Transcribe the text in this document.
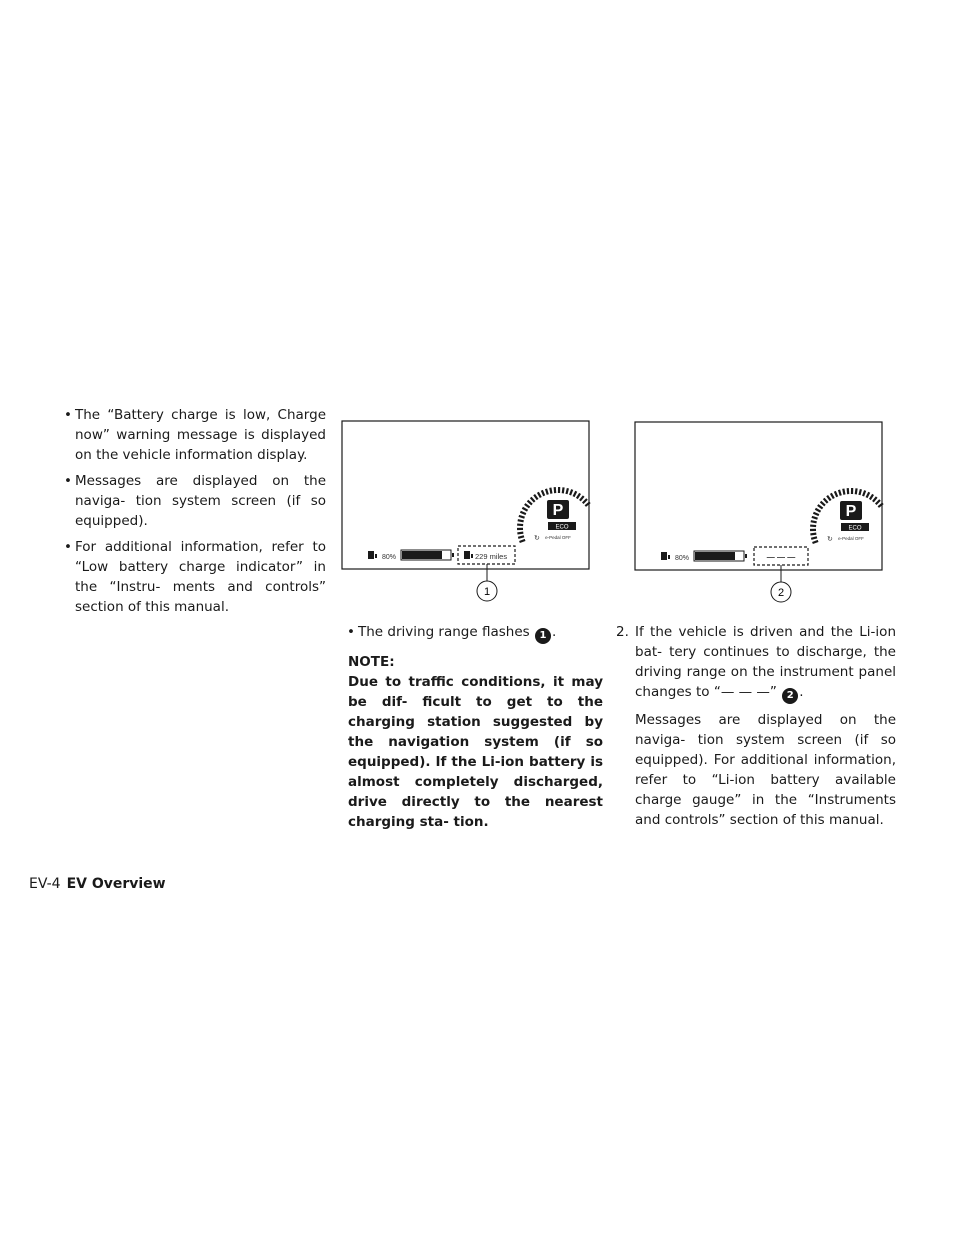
• The “Battery charge is low, Charge now” warning message is displayed on the vehicle information display.

• Messages are displayed on the naviga- tion system screen (if so equipped).

• For additional information, refer to “Low battery charge indicator” in the “Instru- ments and controls” section of this manual.

P
ECO
e-Pedal OFF
↻
80%	229 miles
1
P
ECO
e-Pedal OFF
↻
80%	— — —
2

• The driving range flashes 1 .

NOTE:

Due to traffic conditions, it may be dif- ficult to get to the charging station suggested by the navigation system (if so equipped). If the Li-ion battery is almost completely discharged, drive directly to the nearest charging sta- tion.

2. If the vehicle is driven and the Li-ion bat- tery continues to discharge, the driving range on the instrument panel changes to “— — —” 2 .

Messages are displayed on the naviga- tion system screen (if so equipped). For additional information, refer to “Li-ion battery available charge gauge” in the “Instruments and controls” section of this manual.

EV-4 EV Overview
